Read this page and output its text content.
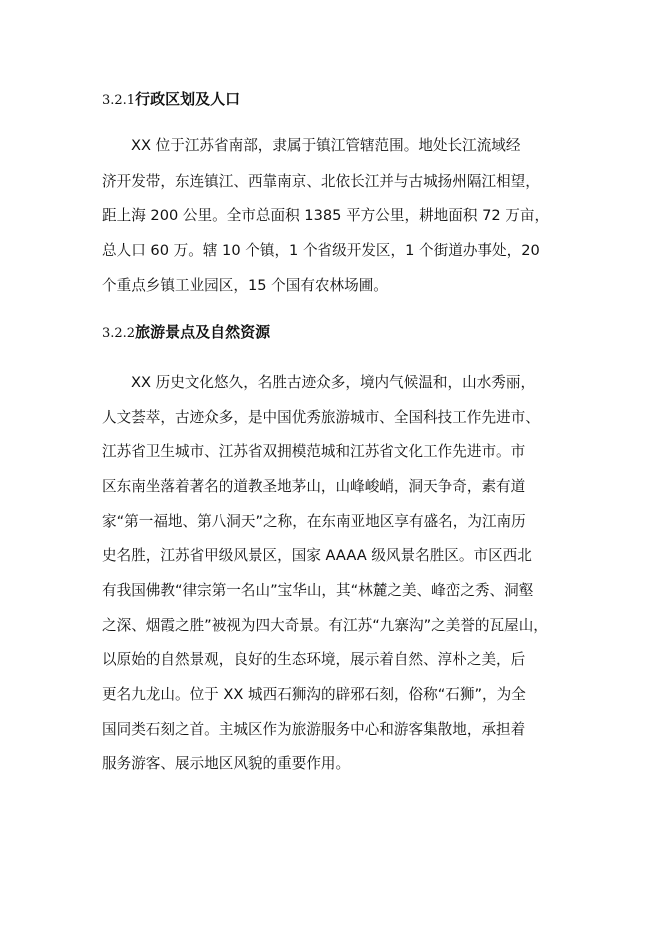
3.2.1行政区划及人口
XX 位于江苏省南部，隶属于镇江管辖范围。地处长江流域经
济开发带，东连镇江、西靠南京、北依长江并与古城扬州隔江相望，
距上海 200 公里。全市总面积 1385 平方公里，耕地面积 72 万亩，
总人口 60 万。辖 10 个镇，1 个省级开发区，1 个街道办事处，20
个重点乡镇工业园区，15 个国有农林场圃。
3.2.2旅游景点及自然资源
XX 历史文化悠久，名胜古迹众多，境内气候温和，山水秀丽，
人文荟萃，古迹众多，是中国优秀旅游城市、全国科技工作先进市、
江苏省卫生城市、江苏省双拥模范城和江苏省文化工作先进市。市
区东南坐落着著名的道教圣地茅山，山峰峻峭，洞天争奇，素有道
家“第一福地、第八洞天”之称，在东南亚地区享有盛名，为江南历
史名胜，江苏省甲级风景区，国家 AAAA 级风景名胜区。市区西北
有我国佛教“律宗第一名山”宝华山，其“林麓之美、峰峦之秀、洞壑
之深、烟霞之胜”被视为四大奇景。有江苏“九寨沟”之美誉的瓦屋山，
以原始的自然景观，良好的生态环境，展示着自然、淳朴之美，后
更名九龙山。位于 XX 城西石狮沟的辟邪石刻，俗称“石狮”，为全
国同类石刻之首。主城区作为旅游服务中心和游客集散地，承担着
服务游客、展示地区风貌的重要作用。
